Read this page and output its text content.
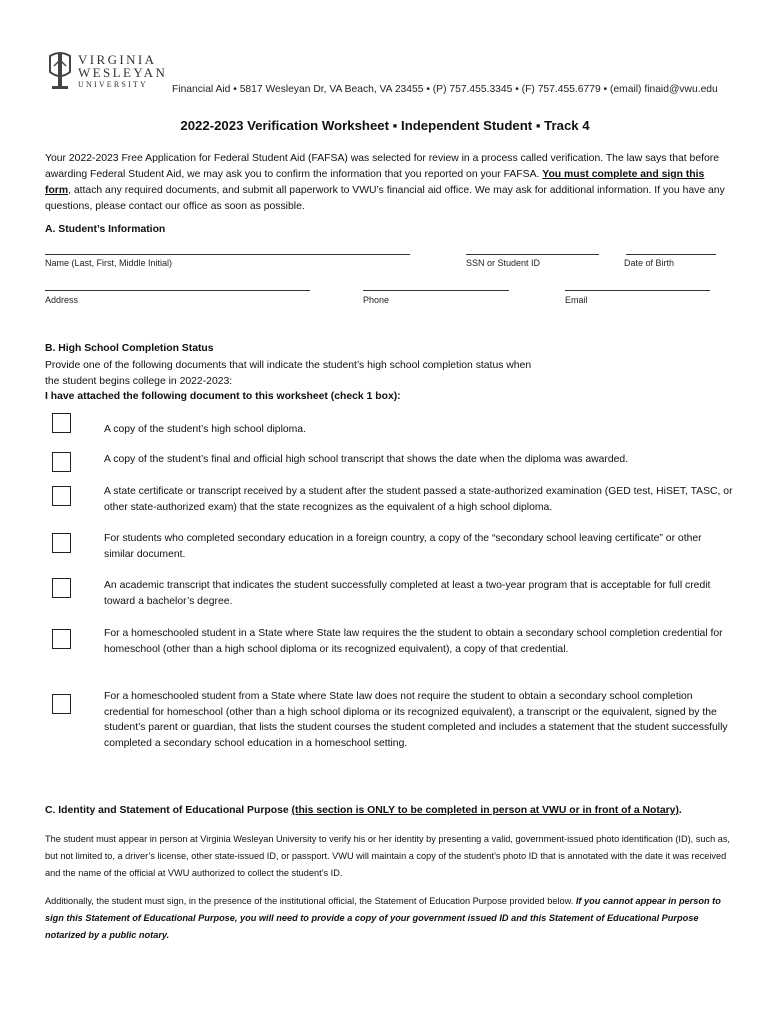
VIRGINIA
WESLEYAN
UNIVERSITY Financial Aid • 5817 Wesleyan Dr, VA Beach, VA 23455 • (P) 757.455.3345 • (F) 757.455.6779 • (email) finaid@vwu.edu
2022-2023 Verification Worksheet ▪ Independent Student ▪ Track 4
Your 2022-2023 Free Application for Federal Student Aid (FAFSA) was selected for review in a process called verification. The law says that before awarding Federal Student Aid, we may ask you to confirm the information that you reported on your FAFSA. You must complete and sign this form, attach any required documents, and submit all paperwork to VWU’s financial aid office. We may ask for additional information. If you have any questions, please contact our office as soon as possible.
A. Student’s Information
Name (Last, First, Middle Initial)	SSN or Student ID	Date of Birth
Address	Phone	Email
B. High School Completion Status
Provide one of the following documents that will indicate the student’s high school completion status when
the student begins college in 2022-2023:
I have attached the following document to this worksheet (check 1 box):
A copy of the student’s high school diploma.
A copy of the student’s final and official high school transcript that shows the date when the diploma was awarded.
A state certificate or transcript received by a student after the student passed a state-authorized examination (GED test, HiSET, TASC, or other state-authorized exam) that the state recognizes as the equivalent of a high school diploma.
For students who completed secondary education in a foreign country, a copy of the “secondary school leaving certificate” or other similar document.
An academic transcript that indicates the student successfully completed at least a two-year program that is acceptable for full credit toward a bachelor’s degree.
For a homeschooled student in a State where State law requires the the student to obtain a secondary school completion credential for homeschool (other than a high school diploma or its recognized equivalent), a copy of that credential.
For a homeschooled student from a State where State law does not require the student to obtain a secondary school completion credential for homeschool (other than a high school diploma or its recognized equivalent), a transcript or the equivalent, signed by the student’s parent or guardian, that lists the student courses the student completed and includes a statement that the student successfully completed a secondary school education in a homeschool setting.
C. Identity and Statement of Educational Purpose (this section is ONLY to be completed in person at VWU or in front of a Notary).
The student must appear in person at Virginia Wesleyan University to verify his or her identity by presenting a valid, government-issued photo identification (ID), such as, but not limited to, a driver’s license, other state-issued ID, or passport. VWU will maintain a copy of the student’s photo ID that is annotated with the date it was received and the name of the official at VWU authorized to collect the student’s ID.
Additionally, the student must sign, in the presence of the institutional official, the Statement of Education Purpose provided below. If you cannot appear in person to sign this Statement of Educational Purpose, you will need to provide a copy of your government issued ID and this Statement of Educational Purpose notarized by a public notary.
